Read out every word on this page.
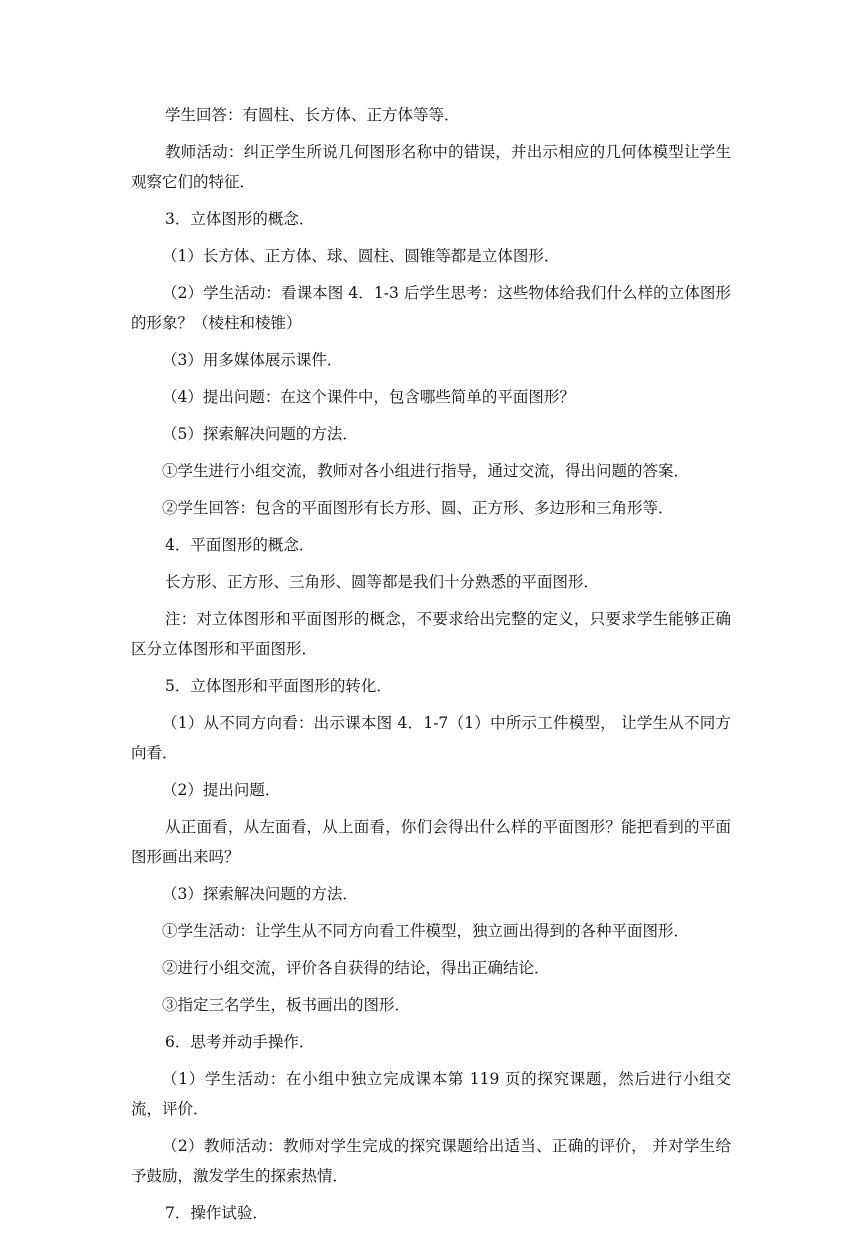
学生回答：有圆柱、长方体、正方体等等．

教师活动：纠正学生所说几何图形名称中的错误，并出示相应的几何体模型让学生观察它们的特征．

3．立体图形的概念．

（1）长方体、正方体、球、圆柱、圆锥等都是立体图形．

（2）学生活动：看课本图 4．1-3 后学生思考：这些物体给我们什么样的立体图形的形象？（棱柱和棱锥）

（3）用多媒体展示课件．

（4）提出问题：在这个课件中，包含哪些简单的平面图形？

（5）探索解决问题的方法．

①学生进行小组交流，教师对各小组进行指导，通过交流，得出问题的答案．

②学生回答：包含的平面图形有长方形、圆、正方形、多边形和三角形等．

4．平面图形的概念．

长方形、正方形、三角形、圆等都是我们十分熟悉的平面图形．

注：对立体图形和平面图形的概念，不要求给出完整的定义，只要求学生能够正确区分立体图形和平面图形．

5．立体图形和平面图形的转化．

（1）从不同方向看：出示课本图 4．1-7（1）中所示工件模型， 让学生从不同方向看．

（2）提出问题．

从正面看，从左面看，从上面看，你们会得出什么样的平面图形？能把看到的平面图形画出来吗？

（3）探索解决问题的方法．

①学生活动：让学生从不同方向看工件模型，独立画出得到的各种平面图形．

②进行小组交流，评价各自获得的结论，得出正确结论．

③指定三名学生，板书画出的图形．

6．思考并动手操作．

（1）学生活动：在小组中独立完成课本第 119 页的探究课题，然后进行小组交流，评价．

（2）教师活动：教师对学生完成的探究课题给出适当、正确的评价， 并对学生给予鼓励，激发学生的探索热情．

7．操作试验．
